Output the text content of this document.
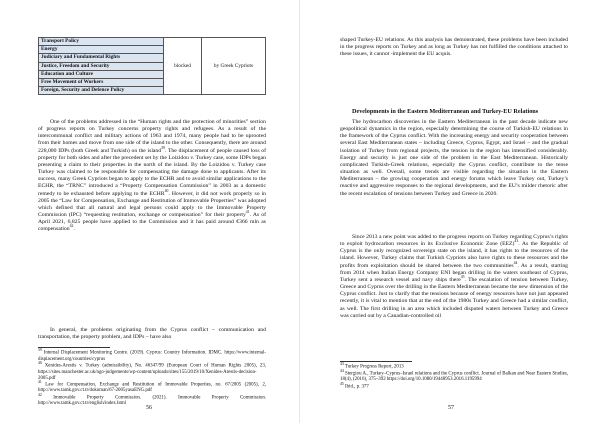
Transport Policy	blocked	by Greek Cypriots
Energy
Judiciary and Fundamental Rights
Justice, Freedom and Security
Education and Culture
Free Movement of Workers
Foreign, Security and Defence Policy

One of the problems addressed in the “Human rights and the protection of minorities” section of progress reports on Turkey concerns property rights and refugees. As a result of the intercommunal conflict and military actions of 1963 and 1974, many people had to be uprooted from their homes and move from one side of the island to the other. Consequently, there are around 228,000 IDPs (both Greek and Turkish) on the island$^{39}$. The displacement of people caused loss of property for both sides and after the precedent set by the Loizidou v. Turkey case, some IDPs began presenting a claim to their properties in the north of the island. By the Loizidou v. Turkey case Turkey was claimed to be responsible for compensating the damage done to applicants. After its success, many Greek Cypriots began to apply to the ECHR and to avoid similar applications to the ECHR, the “TRNC” introduced a “Property Compensation Commission” in 2003 as a domestic remedy to be exhausted before applying to the ECHR$^{40}$. However, it did not work properly so in 2005 the “Law for Compensation, Exchange and Restitution of Immovable Properties” was adopted which defined that all natural and legal persons could apply to the Immovable Property Commission (IPC) “requesting restitution, exchange or compensation” for their property$^{41}$. As of April 2021, 6,825 people have applied to the Commission and it has paid around €366 mln as compensation$^{42}$.

In general, the problems originating from the Cyprus conflict – communication and transportation, the property problem, and IDPs – have also

$^{39}$ Internal Displacement Monitoring Centre. (2019). Cyprus: Country Information. IDMC. https://www.internal-displacement.org/countries/cyprus
$^{40}$ Xenides-Arestis v. Turkey (admissibility), No. 46347/99 (European Court of Human Rights 2005), 23, https://sites.manchester.ac.uk/ngo-judgements/wp-content/uploads/sites/155/2019/10/Xenides-Arestis-decision-2005.pdf
$^{41}$ Law for Compensation, Exchange and Restitution of Immovable Properties, no. 67/2005 (2005), 2, http://www.tamk.gov.ct.tr/dokuman/67-2005yasaENG.pdf
$^{42}$ Immovable Property Commission. (2021). Immovable Property Commission. http://www.tamk.gov.ct.tr/english/index.html
56

shaped Turkey-EU relations. As this analysis has demonstrated, these problems have been included in the progress reports on Turkey and as long as Turkey has not fulfilled the conditions attached to these issues, it cannot -implement the EU acquis.

Developments in the Eastern Mediterranean and Turkey-EU Relations

The hydrocarbon discoveries in the Eastern Mediterranean in the past decade indicate new geopolitical dynamics in the region, especially determining the course of Turkish-EU relations in the framework of the Cyprus conflict. With the increasing energy and security cooperation between several East Mediterranean states – including Greece, Cyprus, Egypt, and Israel – and the gradual isolation of Turkey from regional projects, the tension in the region has intensified considerably. Energy and security is just one side of the problem in the East Mediterranean. Historically complicated Turkish-Greek relations, especially the Cyprus conflict, contribute to the tense situation as well. Overall, some trends are visible regarding the situation in the Eastern Mediterranean – the growing cooperation and energy forums which leave Turkey out, Turkey’s reactive and aggressive responses to the regional developments, and the EU’s milder rhetoric after the recent escalation of tensions between Turkey and Greece in 2020.

Since 2013 a new point was added to the progress reports on Turkey regarding Cyprus’s rights to exploit hydrocarbon resources in its Exclusive Economic Zone (EEZ)$^{43}$. As the Republic of Cyprus is the only recognized sovereign state on the island, it has rights to the resources of the island. However, Turkey claims that Turkish Cypriots also have rights to these resources and the profits from exploitation should be shared between the two communities$^{44}$. As a result, starting from 2014 when Italian Energy Company ENI began drilling in the waters southeast of Cyprus, Turkey sent a research vessel and navy ships there$^{45}$. The escalation of tension between Turkey, Greece and Cyprus over the drilling in the Eastern Mediterranean became the new dimension of the Cyprus conflict. Just to clarify that the tensions because of energy resources have not just appeared recently, it is vital to mention that at the end of the 1980s Turkey and Greece had a similar conflict, as well. The first drilling in an area which included disputed waters between Turkey and Greece was carried out by a Canadian-controlled oil

$^{43}$ Turkey Progress Report, 2013
$^{44}$ Stergiou A., Turkey–Cyprus–Israel relations and the Cyprus conflict. Journal of Balkan and Near Eastern Studies, 18(4), (2016), 375–392 https://doi.org/10.1080/19448953.2016.1195994
$^{45}$ Ibid., p. 377
57
